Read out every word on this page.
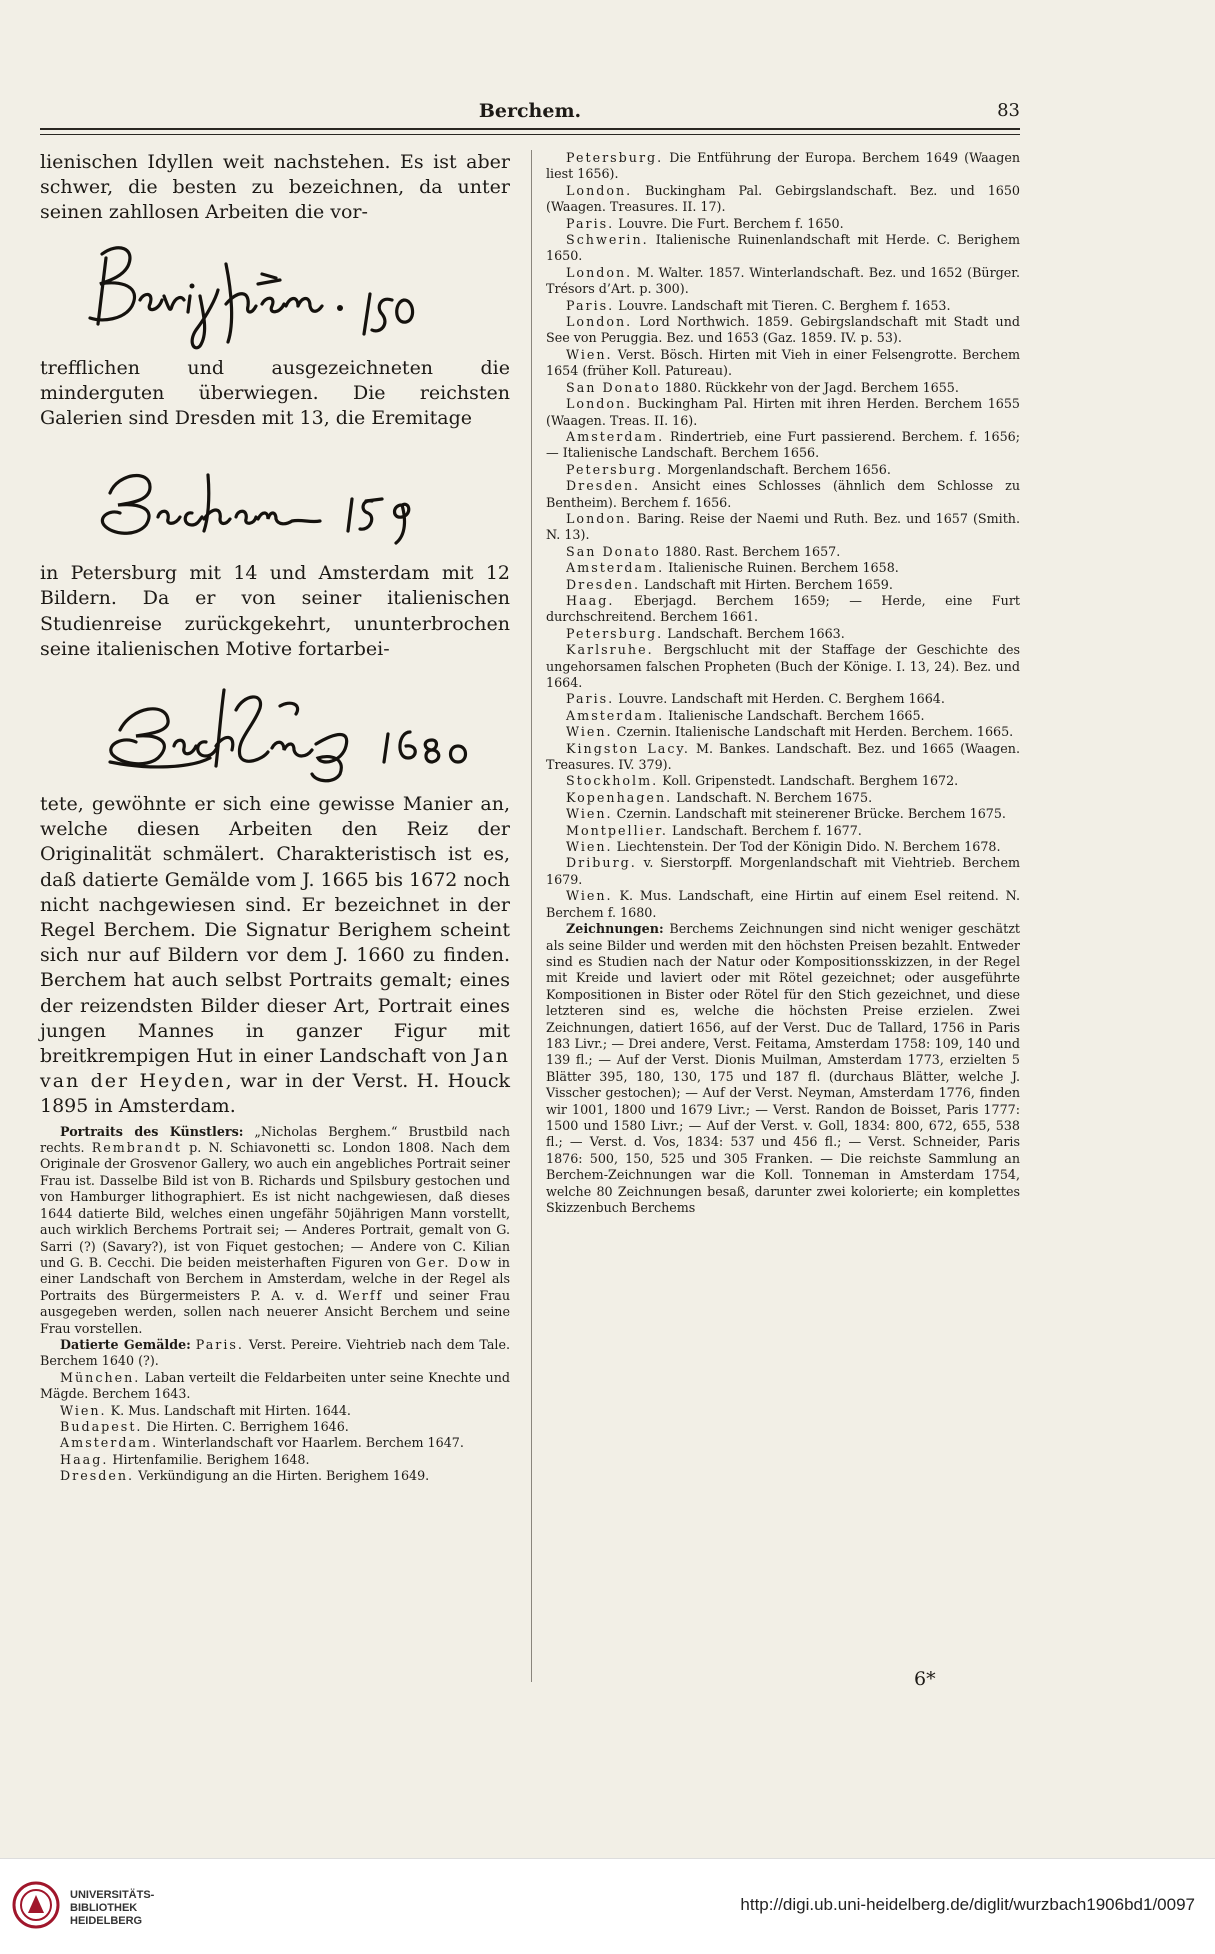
Berchem.	83

lienischen Idyllen weit nachstehen. Es ist aber schwer, die besten zu bezeichnen, da unter seinen zahllosen Arbeiten die vor-

trefflichen und ausgezeichneten die minderguten überwiegen. Die reichsten Galerien sind Dresden mit 13, die Eremitage

in Petersburg mit 14 und Amsterdam mit 12 Bildern. Da er von seiner italienischen Studienreise zurückgekehrt, ununterbrochen seine italienischen Motive fortarbei-

tete, gewöhnte er sich eine gewisse Manier an, welche diesen Arbeiten den Reiz der Originalität schmälert. Charakteristisch ist es, daß datierte Gemälde vom J. 1665 bis 1672 noch nicht nachgewiesen sind. Er bezeichnet in der Regel Berchem. Die Signatur Berighem scheint sich nur auf Bildern vor dem J. 1660 zu finden. Berchem hat auch selbst Portraits gemalt; eines der reizendsten Bilder dieser Art, Portrait eines jungen Mannes in ganzer Figur mit breitkrempigen Hut in einer Landschaft von Jan van der Heyden, war in der Verst. H. Houck 1895 in Amsterdam.

Portraits des Künstlers: „Nicholas Berghem.“ Brustbild nach rechts. Rembrandt p. N. Schiavonetti sc. London 1808. Nach dem Originale der Grosvenor Gallery, wo auch ein angebliches Portrait seiner Frau ist. Dasselbe Bild ist von B. Richards und Spilsbury gestochen und von Hamburger lithographiert. Es ist nicht nachgewiesen, daß dieses 1644 datierte Bild, welches einen ungefähr 50jährigen Mann vorstellt, auch wirklich Berchems Portrait sei; — Anderes Portrait, gemalt von G. Sarri (?) (Savary?), ist von Fiquet gestochen; — Andere von C. Kilian und G. B. Cecchi. Die beiden meisterhaften Figuren von Ger. Dow in einer Landschaft von Berchem in Amsterdam, welche in der Regel als Portraits des Bürgermeisters P. A. v. d. Werff und seiner Frau ausgegeben werden, sollen nach neuerer Ansicht Berchem und seine Frau vorstellen.

Datierte Gemälde: Paris. Verst. Pereire. Viehtrieb nach dem Tale. Berchem 1640 (?).

München. Laban verteilt die Feldarbeiten unter seine Knechte und Mägde. Berchem 1643.

Wien. K. Mus. Landschaft mit Hirten. 1644.

Budapest. Die Hirten. C. Berrighem 1646.

Amsterdam. Winterlandschaft vor Haarlem. Berchem 1647.

Haag. Hirtenfamilie. Berighem 1648.

Dresden. Verkündigung an die Hirten. Berighem 1649.

Petersburg. Die Entführung der Europa. Berchem 1649 (Waagen liest 1656).

London. Buckingham Pal. Gebirgslandschaft. Bez. und 1650 (Waagen. Treasures. II. 17).

Paris. Louvre. Die Furt. Berchem f. 1650.

Schwerin. Italienische Ruinenlandschaft mit Herde. C. Berighem 1650.

London. M. Walter. 1857. Winterlandschaft. Bez. und 1652 (Bürger. Trésors d’Art. p. 300).

Paris. Louvre. Landschaft mit Tieren. C. Berghem f. 1653.

London. Lord Northwich. 1859. Gebirgslandschaft mit Stadt und See von Peruggia. Bez. und 1653 (Gaz. 1859. IV. p. 53).

Wien. Verst. Bösch. Hirten mit Vieh in einer Felsengrotte. Berchem 1654 (früher Koll. Patureau).

San Donato 1880. Rückkehr von der Jagd. Berchem 1655.

London. Buckingham Pal. Hirten mit ihren Herden. Berchem 1655 (Waagen. Treas. II. 16).

Amsterdam. Rindertrieb, eine Furt passierend. Berchem. f. 1656; — Italienische Landschaft. Berchem 1656.

Petersburg. Morgenlandschaft. Berchem 1656.

Dresden. Ansicht eines Schlosses (ähnlich dem Schlosse zu Bentheim). Berchem f. 1656.

London. Baring. Reise der Naemi und Ruth. Bez. und 1657 (Smith. N. 13).

San Donato 1880. Rast. Berchem 1657.

Amsterdam. Italienische Ruinen. Berchem 1658.

Dresden. Landschaft mit Hirten. Berchem 1659.

Haag. Eberjagd. Berchem 1659; — Herde, eine Furt durchschreitend. Berchem 1661.

Petersburg. Landschaft. Berchem 1663.

Karlsruhe. Bergschlucht mit der Staffage der Geschichte des ungehorsamen falschen Propheten (Buch der Könige. I. 13, 24). Bez. und 1664.

Paris. Louvre. Landschaft mit Herden. C. Berghem 1664.

Amsterdam. Italienische Landschaft. Berchem 1665.

Wien. Czernin. Italienische Landschaft mit Herden. Berchem. 1665.

Kingston Lacy. M. Bankes. Landschaft. Bez. und 1665 (Waagen. Treasures. IV. 379).

Stockholm. Koll. Gripenstedt. Landschaft. Berghem 1672.

Kopenhagen. Landschaft. N. Berchem 1675.

Wien. Czernin. Landschaft mit steinerener Brücke. Berchem 1675.

Montpellier. Landschaft. Berchem f. 1677.

Wien. Liechtenstein. Der Tod der Königin Dido. N. Berchem 1678.

Driburg. v. Sierstorpff. Morgenlandschaft mit Viehtrieb. Berchem 1679.

Wien. K. Mus. Landschaft, eine Hirtin auf einem Esel reitend. N. Berchem f. 1680.

Zeichnungen: Berchems Zeichnungen sind nicht weniger geschätzt als seine Bilder und werden mit den höchsten Preisen bezahlt. Entweder sind es Studien nach der Natur oder Kompositionsskizzen, in der Regel mit Kreide und laviert oder mit Rötel gezeichnet; oder ausgeführte Kompositionen in Bister oder Rötel für den Stich gezeichnet, und diese letzteren sind es, welche die höchsten Preise erzielen. Zwei Zeichnungen, datiert 1656, auf der Verst. Duc de Tallard, 1756 in Paris 183 Livr.; — Drei andere, Verst. Feitama, Amsterdam 1758: 109, 140 und 139 fl.; — Auf der Verst. Dionis Muilman, Amsterdam 1773, erzielten 5 Blätter 395, 180, 130, 175 und 187 fl. (durchaus Blätter, welche J. Visscher gestochen); — Auf der Verst. Neyman, Amsterdam 1776, finden wir 1001, 1800 und 1679 Livr.; — Verst. Randon de Boisset, Paris 1777: 1500 und 1580 Livr.; — Auf der Verst. v. Goll, 1834: 800, 672, 655, 538 fl.; — Verst. d. Vos, 1834: 537 und 456 fl.; — Verst. Schneider, Paris 1876: 500, 150, 525 und 305 Franken. — Die reichste Sammlung an Berchem-Zeichnungen war die Koll. Tonneman in Amsterdam 1754, welche 80 Zeichnungen besaß, darunter zwei kolorierte; ein komplettes Skizzenbuch Berchems

6*
UNIVERSITÄTS-
BIBLIOTHEK
HEIDELBERG
http://digi.ub.uni-heidelberg.de/diglit/wurzbach1906bd1/0097
